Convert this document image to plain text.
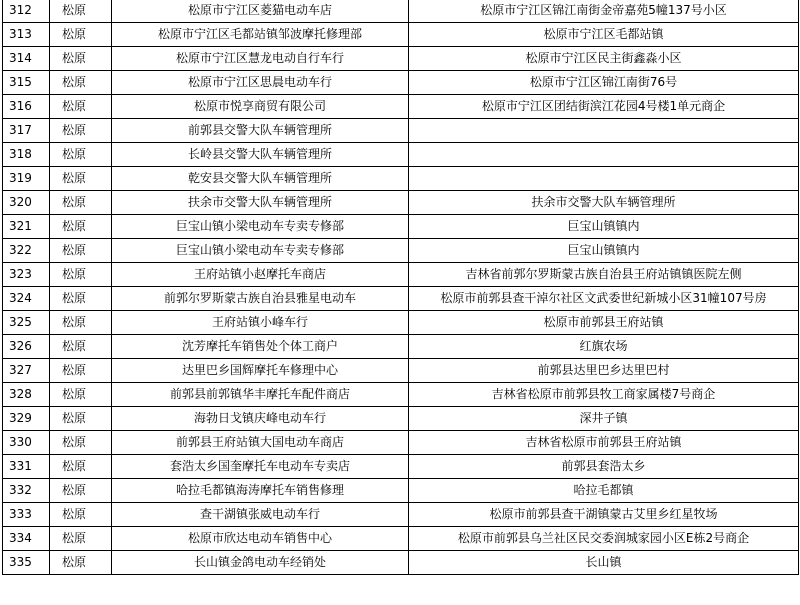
312	松原	松原市宁江区菱猫电动车店	松原市宁江区锦江南街金帝嘉苑5幢137号小区
313	松原	松原市宁江区毛都站镇邹波摩托修理部	松原市宁江区毛都站镇
314	松原	松原市宁江区慧龙电动自行车行	松原市宁江区民主街鑫淼小区
315	松原	松原市宁江区思晨电动车行	松原市宁江区锦江南街76号
316	松原	松原市悦享商贸有限公司	松原市宁江区团结街滨江花园4号楼1单元商企
317	松原	前郭县交警大队车辆管理所	
318	松原	长岭县交警大队车辆管理所	
319	松原	乾安县交警大队车辆管理所	
320	松原	扶余市交警大队车辆管理所	扶余市交警大队车辆管理所
321	松原	巨宝山镇小梁电动车专卖专修部	巨宝山镇镇内
322	松原	巨宝山镇小梁电动车专卖专修部	巨宝山镇镇内
323	松原	王府站镇小赵摩托车商店	吉林省前郭尔罗斯蒙古族自治县王府站镇镇医院左侧
324	松原	前郭尔罗斯蒙古族自治县雅星电动车	松原市前郭县查干淖尔社区文武委世纪新城小区31幢107号房
325	松原	王府站镇小峰车行	松原市前郭县王府站镇
326	松原	沈芳摩托车销售处个体工商户	红旗农场
327	松原	达里巴乡国辉摩托车修理中心	前郭县达里巴乡达里巴村
328	松原	前郭县前郭镇华丰摩托车配件商店	吉林省松原市前郭县牧工商家属楼7号商企
329	松原	海勃日戈镇庆峰电动车行	深井子镇
330	松原	前郭县王府站镇大国电动车商店	吉林省松原市前郭县王府站镇
331	松原	套浩太乡国奎摩托车电动车专卖店	前郭县套浩太乡
332	松原	哈拉毛都镇海涛摩托车销售修理	哈拉毛都镇
333	松原	查干湖镇张威电动车行	松原市前郭县查干湖镇蒙古艾里乡红星牧场
334	松原	松原市欣达电动车销售中心	松原市前郭县乌兰社区民交委润城家园小区E栋2号商企
335	松原	长山镇金鸽电动车经销处	长山镇
